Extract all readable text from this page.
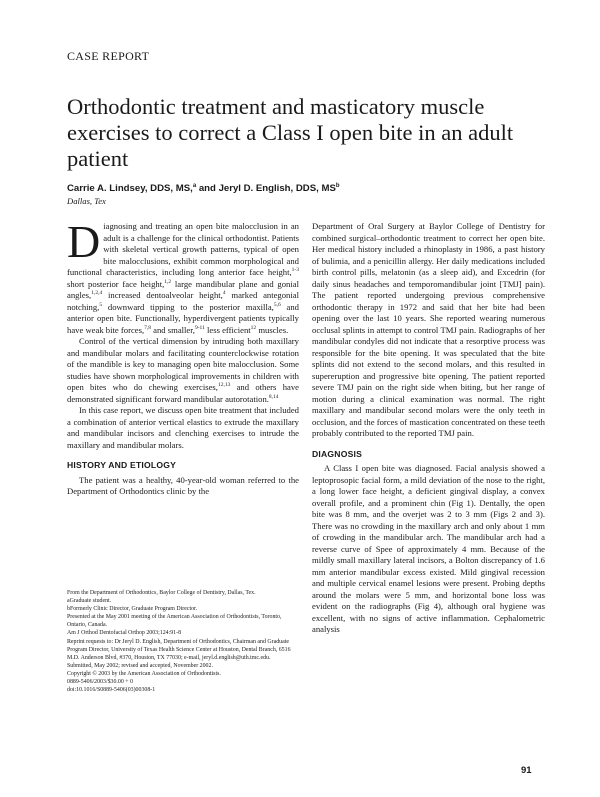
CASE REPORT
Orthodontic treatment and masticatory muscle exercises to correct a Class I open bite in an adult patient
Carrie A. Lindsey, DDS, MS,$^a$ and Jeryl D. English, DDS, $MS^b$
Dallas, Tex

Diagnosing and treating an open bite malocclusion in an adult is a challenge for the clinical orthodontist. Patients with skeletal vertical growth patterns, typical of open bite malocclusions, exhibit common morphological and functional characteristics, including long anterior face height,$^{1-3}$ short posterior face height,$^{1,2}$ large mandibular plane and gonial angles,$^{1,2,4}$ increased dentoalveolar height,$^4$ marked antegonial notching,$^5$ downward tipping to the posterior maxilla,$^{5,6}$ and anterior open bite. Functionally, hyperdivergent patients typically have weak bite forces,$^{7,8}$ and smaller,$^{9-11}$ less efficient$^{12}$ muscles.

Control of the vertical dimension by intruding both maxillary and mandibular molars and facilitating counterclockwise rotation of the mandible is key to managing open bite malocclusion. Some studies have shown morphological improvements in children with open bites who do chewing exercises,$^{12,13}$ and others have demonstrated significant forward mandibular autorotation.$^{8,14}$

In this case report, we discuss open bite treatment that included a combination of anterior vertical elastics to extrude the maxillary and mandibular incisors and clenching exercises to intrude the maxillary and mandibular molars.

HISTORY AND ETIOLOGY

The patient was a healthy, 40-year-old woman referred to the Department of Orthodontics clinic by the

From the Department of Orthodontics, Baylor College of Dentistry, Dallas, Tex.
aGraduate student.
bFormerly Clinic Director, Graduate Program Director.
Presented at the May 2001 meeting of the American Association of Orthodontists, Toronto, Ontario, Canada.
Am J Orthod Dentofacial Orthop 2003;124:91-8
Reprint requests to: Dr Jeryl D. English, Department of Orthodontics, Chairman and Graduate Program Director, University of Texas Health Science Center at Houston, Dental Branch, 6516 M.D. Anderson Blvd, #370, Houston, TX 77030; e-mail, jeryl.d.english@uth.tmc.edu.
Submitted, May 2002; revised and accepted, November 2002.
Copyright © 2003 by the American Association of Orthodontists.
0889-5406/2003/$30.00 + 0
doi:10.1016/S0889-5406(03)00308-1

Department of Oral Surgery at Baylor College of Dentistry for combined surgical–orthodontic treatment to correct her open bite. Her medical history included a rhinoplasty in 1986, a past history of bulimia, and a penicillin allergy. Her daily medications included birth control pills, melatonin (as a sleep aid), and Excedrin (for daily sinus headaches and temporomandibular joint [TMJ] pain). The patient reported undergoing previous comprehensive orthodontic therapy in 1972 and said that her bite had been opening over the last 10 years. She reported wearing numerous occlusal splints in attempt to control TMJ pain. Radiographs of her mandibular condyles did not indicate that a resorptive process was responsible for the bite opening. It was speculated that the bite splints did not extend to the second molars, and this resulted in supereruption and progressive bite opening. The patient reported severe TMJ pain on the right side when biting, but her range of motion during a clinical examination was normal. The right maxillary and mandibular second molars were the only teeth in occlusion, and the forces of mastication concentrated on these teeth probably contributed to the reported TMJ pain.

DIAGNOSIS

A Class I open bite was diagnosed. Facial analysis showed a leptoprosopic facial form, a mild deviation of the nose to the right, a long lower face height, a deficient gingival display, a convex overall profile, and a prominent chin (Fig 1). Dentally, the open bite was 8 mm, and the overjet was 2 to 3 mm (Figs 2 and 3). There was no crowding in the maxillary arch and only about 1 mm of crowding in the mandibular arch. The mandibular arch had a reverse curve of Spee of approximately 4 mm. Because of the mildly small maxillary lateral incisors, a Bolton discrepancy of 1.6 mm anterior mandibular excess existed. Mild gingival recession and multiple cervical enamel lesions were present. Probing depths around the molars were 5 mm, and horizontal bone loss was evident on the radiographs (Fig 4), although oral hygiene was excellent, with no signs of active inflammation. Cephalometric analysis

91
